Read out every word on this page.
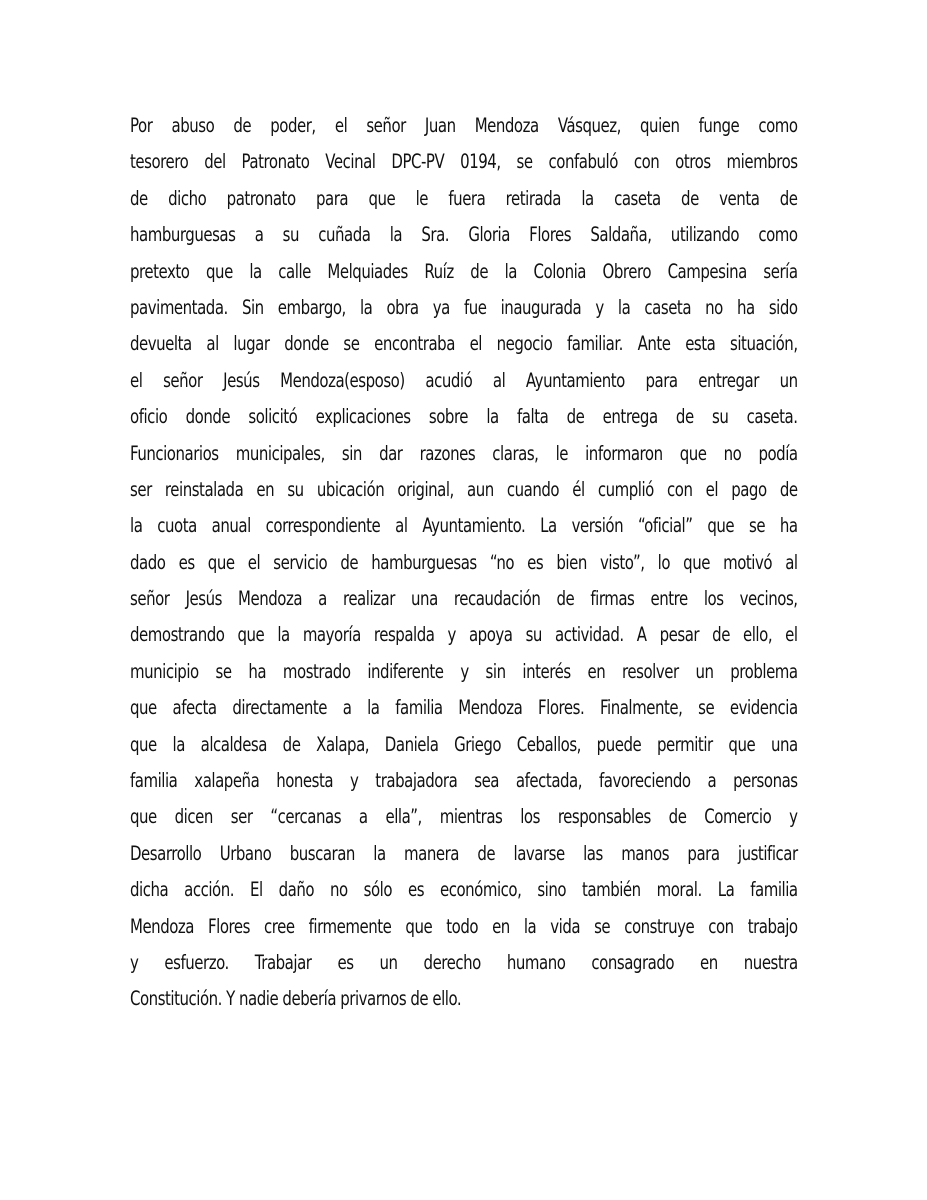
Por abuso de poder, el señor Juan Mendoza Vásquez, quien funge como
tesorero del Patronato Vecinal DPC-PV 0194, se confabuló con otros miembros
de dicho patronato para que le fuera retirada la caseta de venta de
hamburguesas a su cuñada la Sra. Gloria Flores Saldaña, utilizando como
pretexto que la calle Melquiades Ruíz de la Colonia Obrero Campesina sería
pavimentada. Sin embargo, la obra ya fue inaugurada y la caseta no ha sido
devuelta al lugar donde se encontraba el negocio familiar. Ante esta situación,
el señor Jesús Mendoza(esposo) acudió al Ayuntamiento para entregar un
oficio donde solicitó explicaciones sobre la falta de entrega de su caseta.
Funcionarios municipales, sin dar razones claras, le informaron que no podía
ser reinstalada en su ubicación original, aun cuando él cumplió con el pago de
la cuota anual correspondiente al Ayuntamiento. La versión “oficial” que se ha
dado es que el servicio de hamburguesas “no es bien visto”, lo que motivó al
señor Jesús Mendoza a realizar una recaudación de firmas entre los vecinos,
demostrando que la mayoría respalda y apoya su actividad. A pesar de ello, el
municipio se ha mostrado indiferente y sin interés en resolver un problema
que afecta directamente a la familia Mendoza Flores. Finalmente, se evidencia
que la alcaldesa de Xalapa, Daniela Griego Ceballos, puede permitir que una
familia xalapeña honesta y trabajadora sea afectada, favoreciendo a personas
que dicen ser “cercanas a ella”, mientras los responsables de Comercio y
Desarrollo Urbano buscaran la manera de lavarse las manos para justificar
dicha acción. El daño no sólo es económico, sino también moral. La familia
Mendoza Flores cree firmemente que todo en la vida se construye con trabajo
y esfuerzo. Trabajar es un derecho humano consagrado en nuestra
Constitución. Y nadie debería privarnos de ello.
